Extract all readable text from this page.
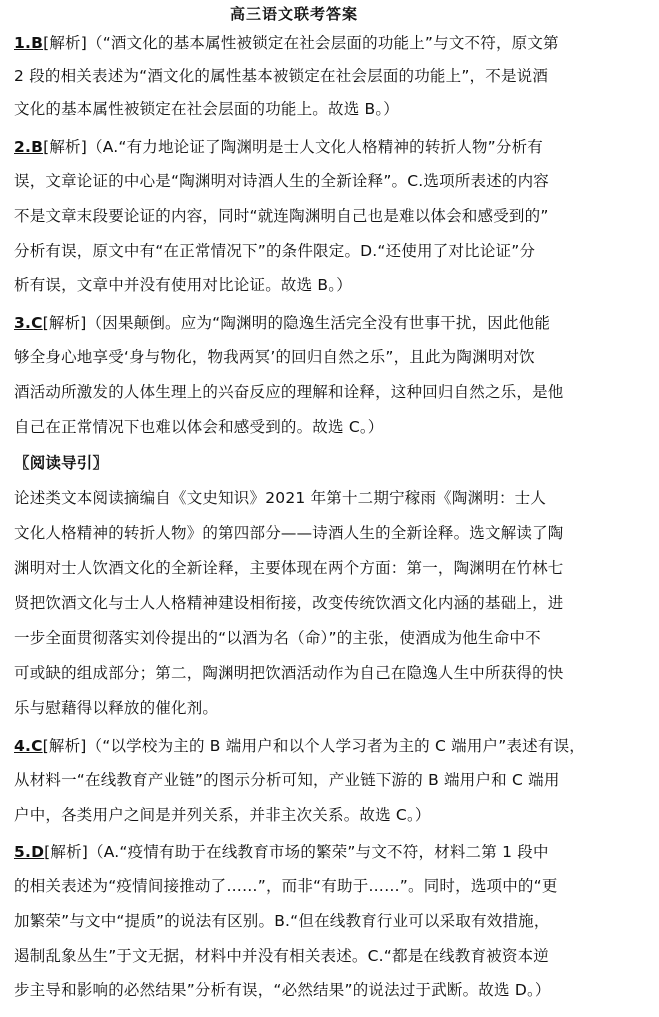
高三语文联考答案
1.B[解析]（“酒文化的基本属性被锁定在社会层面的功能上”与文不符，原文第
2 段的相关表述为“酒文化的属性基本被锁定在社会层面的功能上”，不是说酒
文化的基本属性被锁定在社会层面的功能上。故选 B。）
2.B[解析]（A.“有力地论证了陶渊明是士人文化人格精神的转折人物”分析有
误，文章论证的中心是“陶渊明对诗酒人生的全新诠释”。C.选项所表述的内容
不是文章末段要论证的内容，同时“就连陶渊明自己也是难以体会和感受到的”
分析有误，原文中有“在正常情况下”的条件限定。D.“还使用了对比论证”分
析有误，文章中并没有使用对比论证。故选 B。）
3.C[解析]（因果颠倒。应为“陶渊明的隐逸生活完全没有世事干扰，因此他能
够全身心地享受‘身与物化，物我两冥’的回归自然之乐”，且此为陶渊明对饮
酒活动所激发的人体生理上的兴奋反应的理解和诠释，这种回归自然之乐，是他
自己在正常情况下也难以体会和感受到的。故选 C。）
〖阅读导引〗
论述类文本阅读摘编自《文史知识》2021 年第十二期宁稼雨《陶渊明：士人
文化人格精神的转折人物》的第四部分——诗酒人生的全新诠释。选文解读了陶
渊明对士人饮酒文化的全新诠释，主要体现在两个方面：第一，陶渊明在竹林七
贤把饮酒文化与士人人格精神建设相衔接，改变传统饮酒文化内涵的基础上，进
一步全面贯彻落实刘伶提出的“以酒为名（命）”的主张，使酒成为他生命中不
可或缺的组成部分；第二，陶渊明把饮酒活动作为自己在隐逸人生中所获得的快
乐与慰藉得以释放的催化剂。
4.C[解析]（“以学校为主的 B 端用户和以个人学习者为主的 C 端用户”表述有误，
从材料一“在线教育产业链”的图示分析可知，产业链下游的 B 端用户和 C 端用
户中，各类用户之间是并列关系，并非主次关系。故选 C。）
5.D[解析]（A.“疫情有助于在线教育市场的繁荣”与文不符，材料二第 1 段中
的相关表述为“疫情间接推动了……”，而非“有助于……”。同时，选项中的“更
加繁荣”与文中“提质”的说法有区别。B.“但在线教育行业可以采取有效措施，
遏制乱象丛生”于文无据，材料中并没有相关表述。C.“都是在线教育被资本逆
步主导和影响的必然结果”分析有误，“必然结果”的说法过于武断。故选 D。）
